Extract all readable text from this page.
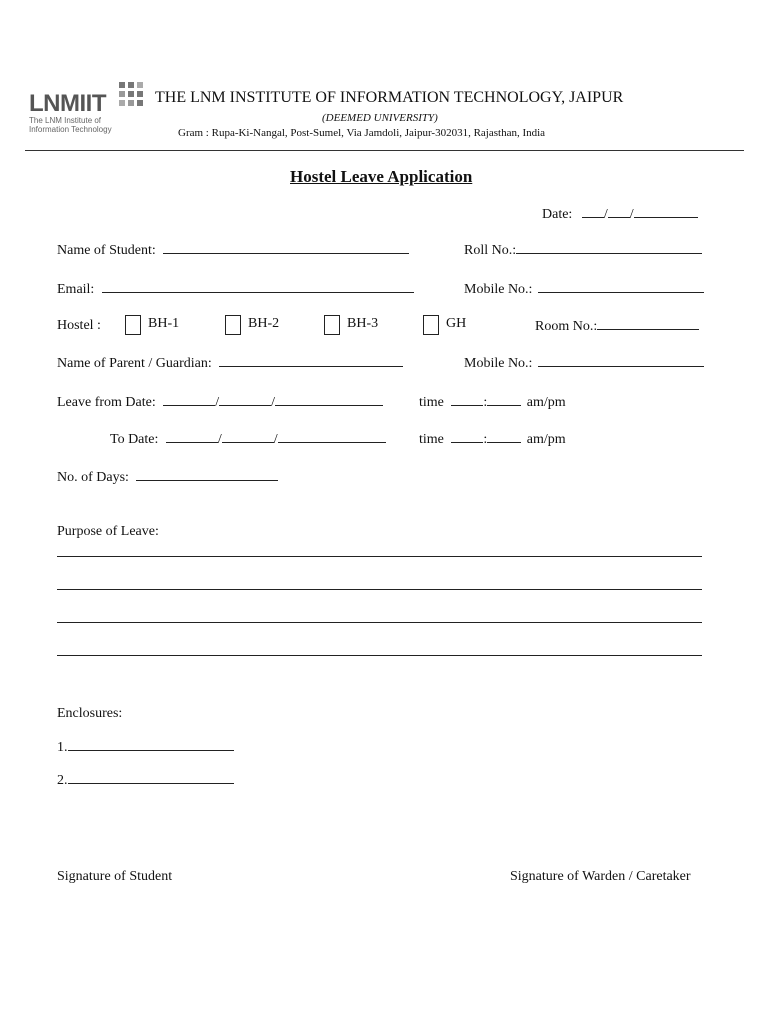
LNMIIT
The LNM Institute of
Information Technology
THE LNM INSTITUTE OF INFORMATION TECHNOLOGY, JAIPUR
(DEEMED UNIVERSITY)
Gram : Rupa-Ki-Nangal, Post-Sumel, Via Jamdoli, Jaipur-302031, Rajasthan, India
Hostel Leave Application
Date: / /
Name of Student:	Roll No.:
Email:	Mobile No.:
Hostel :	BH-1	BH-2	BH-3	GH	Room No.:
Name of Parent / Guardian:	Mobile No.:
Leave from Date:	/	/	time	:	am/pm
To Date:	/	/	time	:	am/pm
No. of Days:
Purpose of Leave:
Enclosures:
1.
2.
Signature of Student	Signature of Warden / Caretaker
